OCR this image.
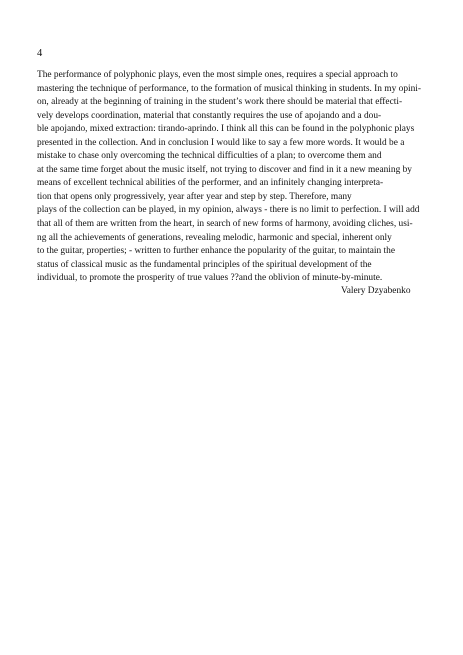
4

The performance of polyphonic plays, even the most simple ones, requires a special approach to
mastering the technique of performance, to the formation of musical thinking in students. In my opini-
on, already at the beginning of training in the student’s work there should be material that effecti-
vely develops coordination, material that constantly requires the use of apojando and a dou-
ble apojando, mixed extraction: tirando-aprindo. I think all this can be found in the polyphonic plays
presented in the collection. And in conclusion I would like to say a few more words. It would be a
mistake to chase only overcoming the technical difficulties of a plan; to overcome them and
at the same time forget about the music itself, not trying to discover and find in it a new meaning by
means of excellent technical abilities of the performer, and an infinitely changing interpreta-
tion that opens only progressively, year after year and step by step. Therefore, many
plays of the collection can be played, in my opinion, always - there is no limit to perfection. I will add
that all of them are written from the heart, in search of new forms of harmony, avoiding cliches, usi-
ng all the achievements of generations, revealing melodic, harmonic and special, inherent only
to the guitar, properties; - written to further enhance the popularity of the guitar, to maintain the
status of classical music as the fundamental principles of the spiritual development of the
individual, to promote the prosperity of true values ??and the oblivion of minute-by-minute.

Valery Dzyabenko
